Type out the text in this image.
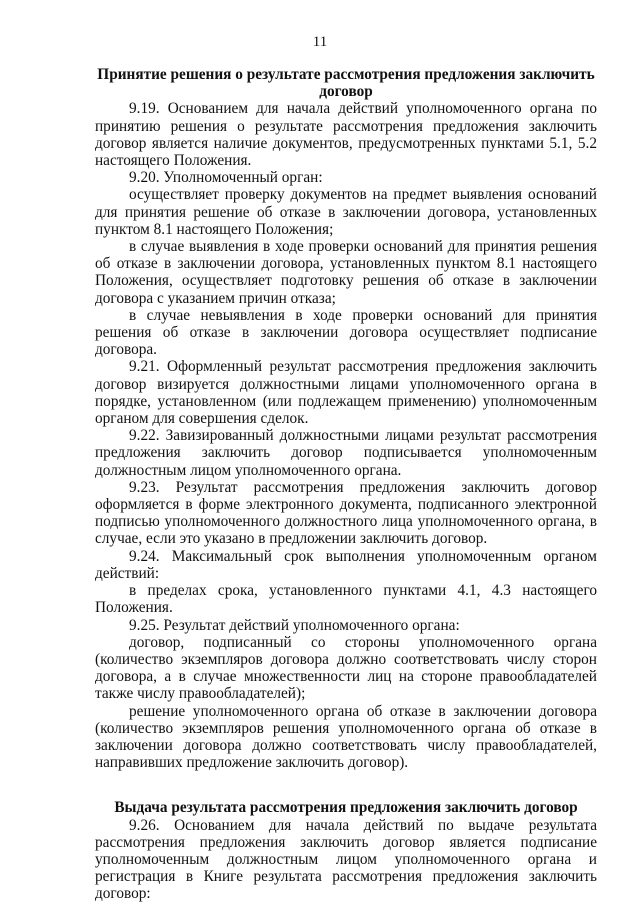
11
Принятие решения о результате рассмотрения предложения заключить договор

9.19. Основанием для начала действий уполномоченного органа по принятию решения о результате рассмотрения предложения заключить договор является наличие документов, предусмотренных пунктами 5.1, 5.2 настоящего Положения.

9.20. Уполномоченный орган:

осуществляет проверку документов на предмет выявления оснований для принятия решение об отказе в заключении договора, установленных пунктом 8.1 настоящего Положения;

в случае выявления в ходе проверки оснований для принятия решения об отказе в заключении договора, установленных пунктом 8.1 настоящего Положения, осуществляет подготовку решения об отказе в заключении договора с указанием причин отказа;

в случае невыявления в ходе проверки оснований для принятия решения об отказе в заключении договора осуществляет подписание договора.

9.21. Оформленный результат рассмотрения предложения заключить договор визируется должностными лицами уполномоченного органа в порядке, установленном (или подлежащем применению) уполномоченным органом для совершения сделок.

9.22. Завизированный должностными лицами результат рассмотрения предложения заключить договор подписывается уполномоченным должностным лицом уполномоченного органа.

9.23. Результат рассмотрения предложения заключить договор оформляется в форме электронного документа, подписанного электронной подписью уполномоченного должностного лица уполномоченного органа, в случае, если это указано в предложении заключить договор.

9.24. Максимальный срок выполнения уполномоченным органом действий:

в пределах срока, установленного пунктами 4.1, 4.3 настоящего Положения.

9.25. Результат действий уполномоченного органа:

договор, подписанный со стороны уполномоченного органа (количество экземпляров договора должно соответствовать числу сторон договора, а в случае множественности лиц на стороне правообладателей также числу правообладателей);

решение уполномоченного органа об отказе в заключении договора (количество экземпляров решения уполномоченного органа об отказе в заключении договора должно соответствовать числу правообладателей, направивших предложение заключить договор).

Выдача результата рассмотрения предложения заключить договор

9.26. Основанием для начала действий по выдаче результата рассмотрения предложения заключить договор является подписание уполномоченным должностным лицом уполномоченного органа и регистрация в Книге результата рассмотрения предложения заключить договор:
